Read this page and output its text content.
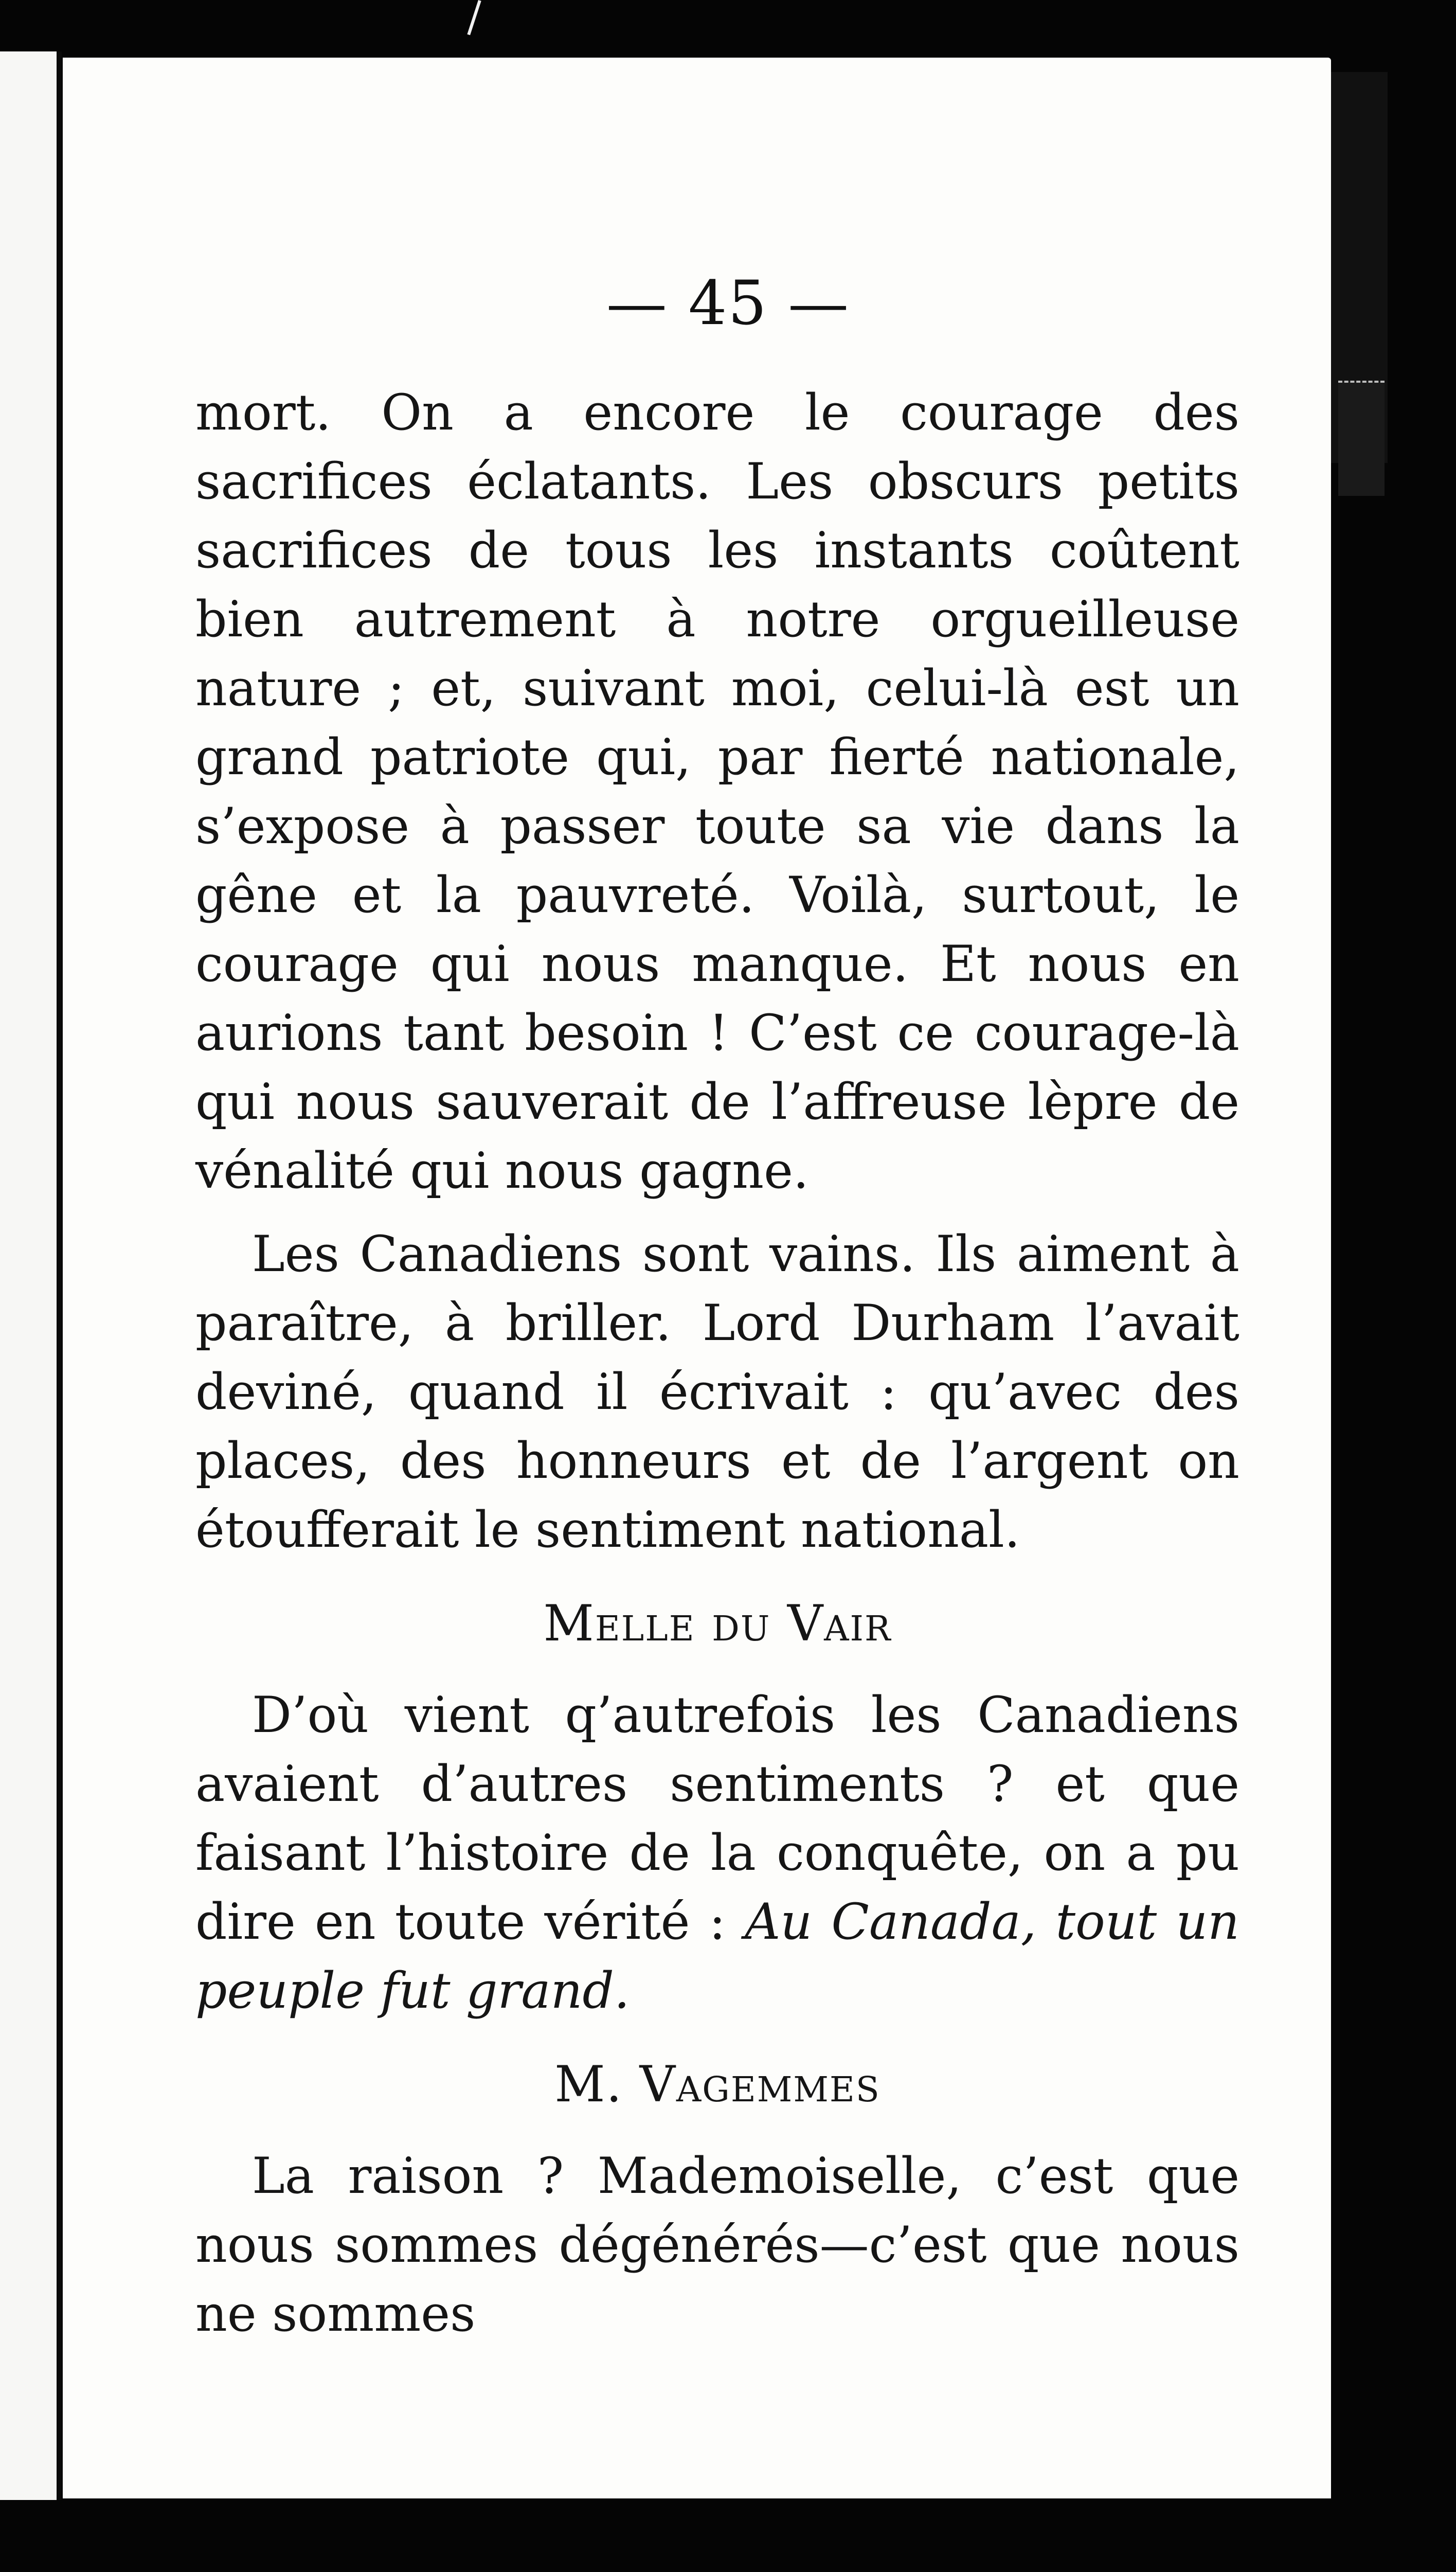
— 45 —

mort. On a encore le courage des sacrifices éclatants. Les obscurs petits sacrifices de tous les instants coûtent bien autrement à notre orgueilleuse nature ; et, suivant moi, celui-là est un grand patriote qui, par fierté nationale, s’expose à passer toute sa vie dans la gêne et la pauvreté. Voilà, surtout, le courage qui nous manque. Et nous en aurions tant besoin ! C’est ce courage-là qui nous sauverait de l’affreuse lèpre de vénalité qui nous gagne.

Les Canadiens sont vains. Ils aiment à paraître, à briller. Lord Durham l’avait deviné, quand il écrivait : qu’avec des places, des honneurs et de l’argent on étoufferait le sentiment national.

Melle du Vair

D’où vient q’autrefois les Canadiens avaient d’autres sentiments ? et que faisant l’histoire de la conquête, on a pu dire en toute vérité : Au Canada, tout un peuple fut grand.

M. Vagemmes

La raison ? Mademoiselle, c’est que nous sommes dégénérés—c’est que nous ne sommes
